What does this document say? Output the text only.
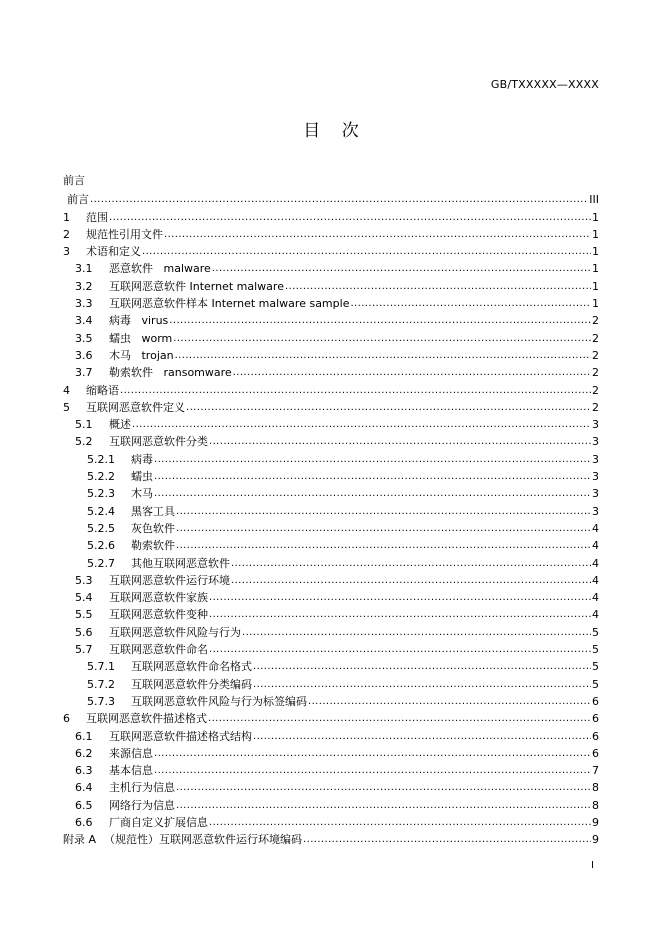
GB/TXXXXX—XXXX
目 次
前言
前言 .....	III
1	范围 .....	1
2	规范性引用文件 .....	1
3	术语和定义 .....	1
3.1	恶意软件   malware .....	1
3.2	互联网恶意软件 Internet malware .....	1
3.3	互联网恶意软件样本 Internet malware sample .....	1
3.4	病毒   virus .....	2
3.5	蠕虫   worm .....	2
3.6	木马   trojan .....	2
3.7	勒索软件   ransomware .....	2
4	缩略语 .....	2
5	互联网恶意软件定义 .....	2
5.1	概述 .....	3
5.2	互联网恶意软件分类 .....	3
5.2.1	病毒 .....	3
5.2.2	蠕虫 .....	3
5.2.3	木马 .....	3
5.2.4	黑客工具 .....	3
5.2.5	灰色软件 .....	4
5.2.6	勒索软件 .....	4
5.2.7	其他互联网恶意软件 .....	4
5.3	互联网恶意软件运行环境 .....	4
5.4	互联网恶意软件家族 .....	4
5.5	互联网恶意软件变种 .....	4
5.6	互联网恶意软件风险与行为 .....	5
5.7	互联网恶意软件命名 .....	5
5.7.1	互联网恶意软件命名格式 .....	5
5.7.2	互联网恶意软件分类编码 .....	5
5.7.3	互联网恶意软件风险与行为标签编码 .....	6
6	互联网恶意软件描述格式 .....	6
6.1	互联网恶意软件描述格式结构 .....	6
6.2	来源信息 .....	6
6.3	基本信息 .....	7
6.4	主机行为信息 .....	8
6.5	网络行为信息 .....	8
6.6	厂商自定义扩展信息 .....	9
附录 A （规范性）互联网恶意软件运行环境编码 .....	9
I
